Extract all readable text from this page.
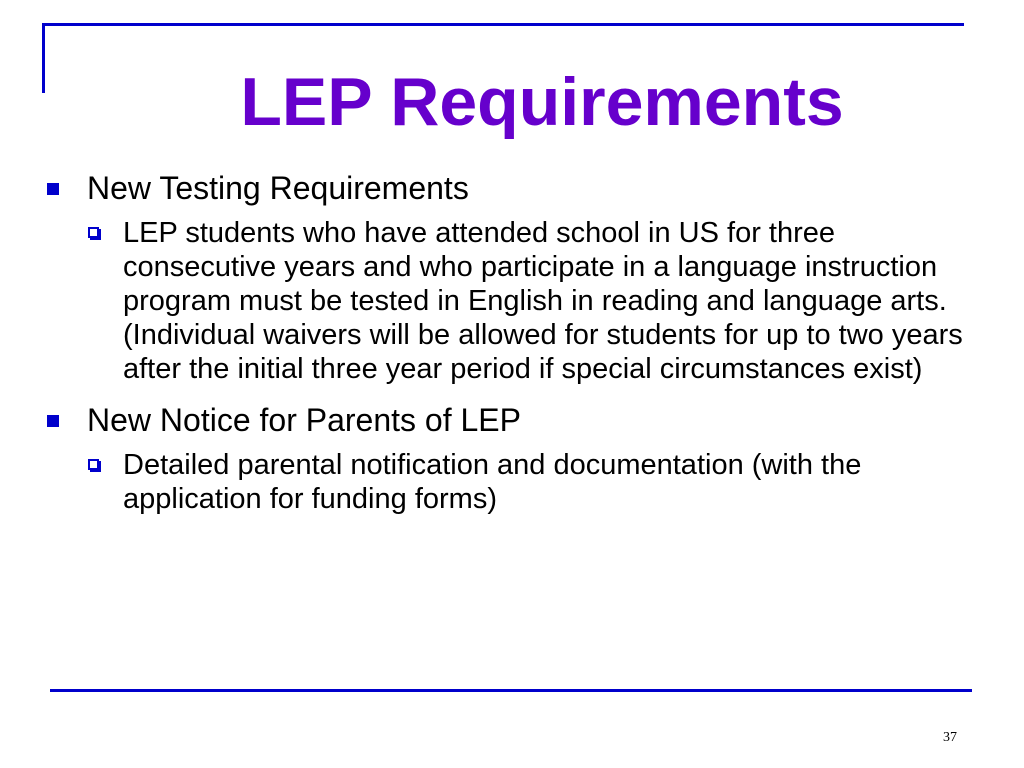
LEP Requirements
New Testing Requirements
LEP students who have attended school in US for three consecutive years and who participate in a language instruction program must be tested in English in reading and language arts. (Individual waivers will be allowed for students for up to two years after the initial three year period if special circumstances exist)
New Notice for Parents of LEP
Detailed parental notification and documentation (with the application for funding forms)
37
